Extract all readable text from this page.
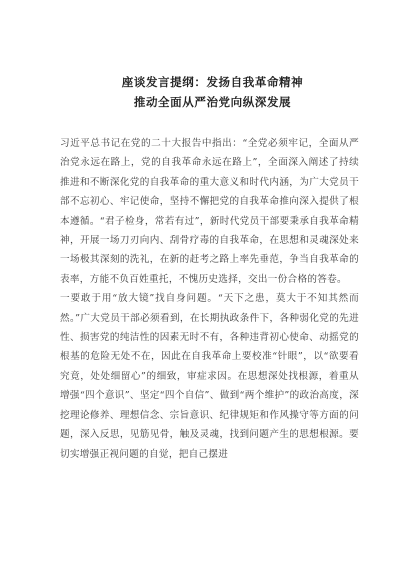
座谈发言提纲：发扬自我革命精神
推动全面从严治党向纵深发展

习近平总书记在党的二十大报告中指出：“全党必须牢记，全面从严治党永远在路上，党的自我革命永远在路上”，全面深入阐述了持续推进和不断深化党的自我革命的重大意义和时代内涵，为广大党员干部不忘初心、牢记使命，坚持不懈把党的自我革命推向深入提供了根本遵循。“君子检身，常若有过”，新时代党员干部要秉承自我革命精神，开展一场刀刃向内、刮骨疗毒的自我革命，在思想和灵魂深处来一场极其深刻的洗礼，在新的赶考之路上率先垂范，争当自我革命的表率，方能不负百姓重托，不愧历史选择，交出一份合格的答卷。

一要敢于用“放大镜”找自身问题。“天下之患，莫大于不知其然而然。”广大党员干部必须看到，在长期执政条件下，各种弱化党的先进性、损害党的纯洁性的因素无时不有，各种违背初心使命、动摇党的根基的危险无处不在，因此在自我革命上要校准“针眼”，以“欲要看究竟，处处细留心”的细致，审症求因。在思想深处找根源，着重从增强“四个意识”、坚定“四个自信”、做到“两个维护”的政治高度，深挖理论修养、理想信念、宗旨意识、纪律规矩和作风操守等方面的问题，深入反思，见筋见骨，触及灵魂，找到问题产生的思想根源。要切实增强正视问题的自觉，把自己摆进
